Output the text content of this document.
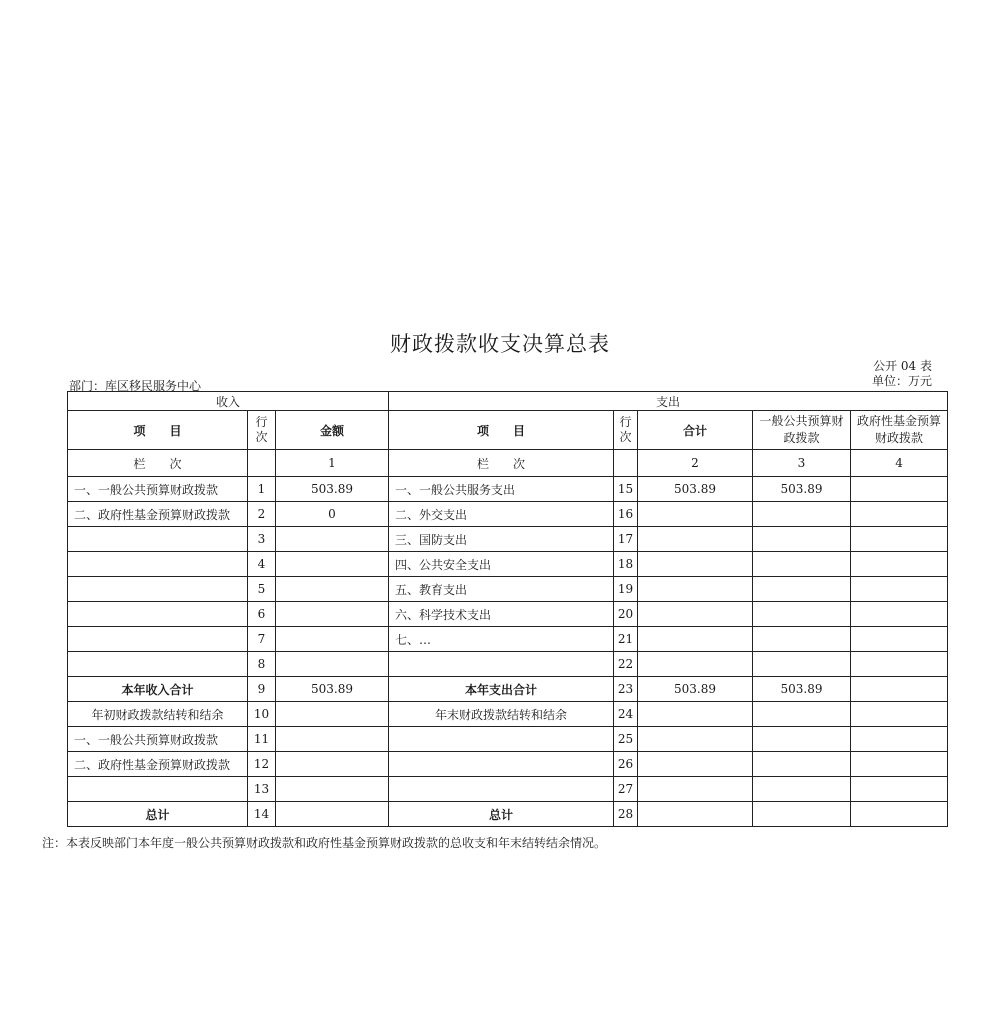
财政拨款收支决算总表
公开 04 表
单位：万元
部门：库区移民服务中心
收入			支出				
项　　目	行次	金额	项　　目	行次	合计	一般公共预算财政拨款	政府性基金预算财政拨款
栏　　次		1	栏　　次		2	3	4
一、一般公共预算财政拨款	1	503.89	一、一般公共服务支出	15	503.89	503.89	
二、政府性基金预算财政拨款	2	0	二、外交支出	16			
	3		三、国防支出	17			
	4		四、公共安全支出	18			
	5		五、教育支出	19			
	6		六、科学技术支出	20			
	7		七、…	21			
	8			22			
本年收入合计	9	503.89	本年支出合计	23	503.89	503.89	
年初财政拨款结转和结余	10		年末财政拨款结转和结余	24			
一、一般公共预算财政拨款	11			25			
二、政府性基金预算财政拨款	12			26			
	13			27			
总计	14		总计	28			
注：本表反映部门本年度一般公共预算财政拨款和政府性基金预算财政拨款的总收支和年末结转结余情况。
